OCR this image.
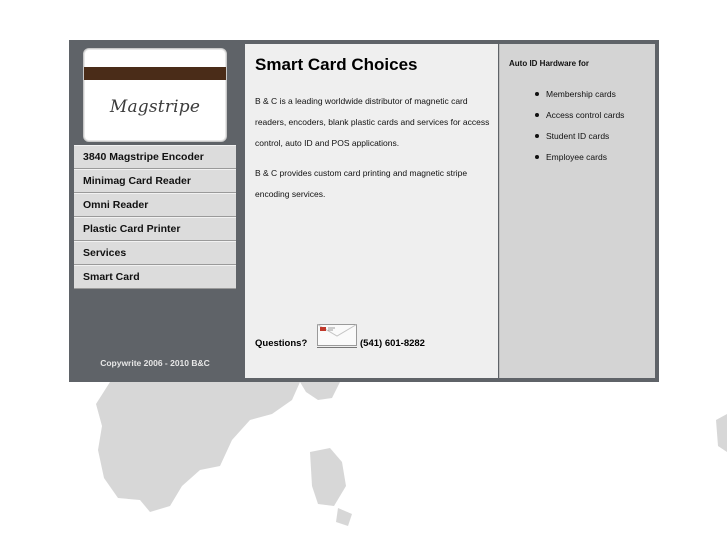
Magstripe
3840 Magstripe Encoder
Minimag Card Reader
Omni Reader
Plastic Card Printer
Services
Smart Card
Copywrite 2006 - 2010 B&C
Smart Card Choices

B & C is a leading worldwide distributor of magnetic card readers, encoders, blank plastic cards and services for access control, auto ID and POS applications.

B & C provides custom card printing and magnetic stripe encoding services.

Questions?	(541) 601-8282
Auto ID Hardware for
Membership cards
Access control cards
Student ID cards
Employee cards
